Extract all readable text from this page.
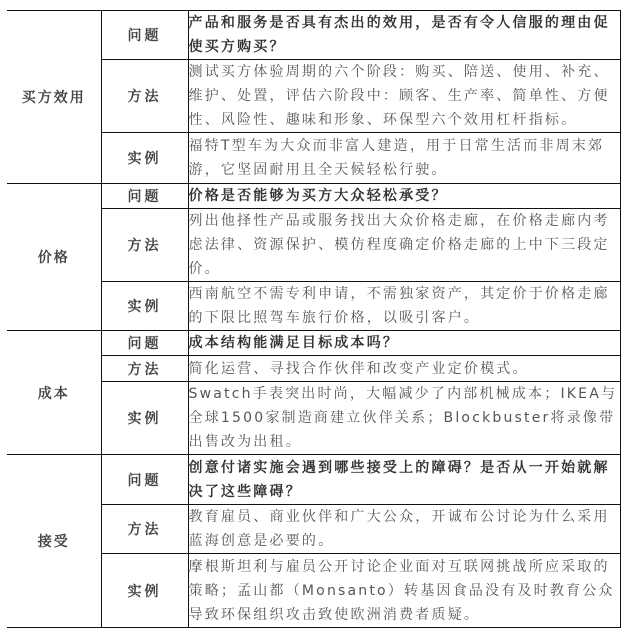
买方效用	问题	产品和服务是否具有杰出的效用，是否有令人信服的理由促使买方购买？
	方法	测试买方体验周期的六个阶段：购买、陪送、使用、补充、维护、处置，评估六阶段中：顾客、生产率、简单性、方便性、风险性、趣味和形象、环保型六个效用杠杆指标。
	实例	福特T型车为大众而非富人建造，用于日常生活而非周末郊游，它坚固耐用且全天候轻松行驶。
价格	问题	价格是否能够为买方大众轻松承受？
	方法	列出他择性产品或服务找出大众价格走廊，在价格走廊内考虑法律、资源保护、模仿程度确定价格走廊的上中下三段定价。
	实例	西南航空不需专利申请，不需独家资产，其定价于价格走廊的下限比照驾车旅行价格，以吸引客户。
成本	问题	成本结构能满足目标成本吗？
	方法	简化运营、寻找合作伙伴和改变产业定价模式。
	实例	Swatch手表突出时尚，大幅减少了内部机械成本；IKEA与全球1500家制造商建立伙伴关系；Blockbuster将录像带出售改为出租。
接受	问题	创意付诸实施会遇到哪些接受上的障碍？是否从一开始就解决了这些障碍？
	方法	教育雇员、商业伙伴和广大公众，开诚布公讨论为什么采用蓝海创意是必要的。
	实例	摩根斯坦利与雇员公开讨论企业面对互联网挑战所应采取的策略；孟山都（Monsanto）转基因食品没有及时教育公众导致环保组织攻击致使欧洲消费者质疑。
